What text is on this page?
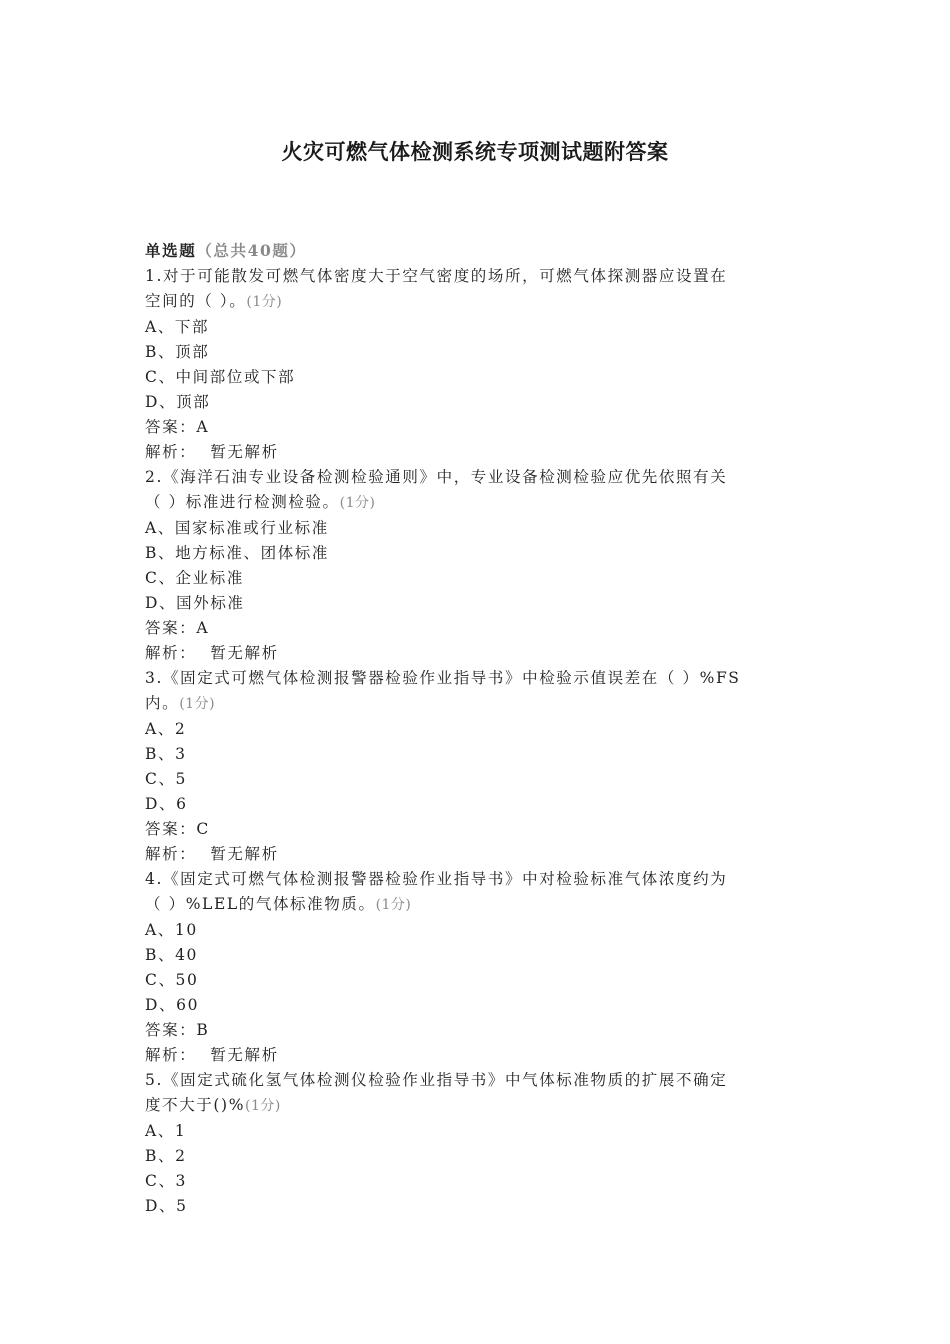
火灾可燃气体检测系统专项测试题附答案
单选题（总共40题）
1.对于可能散发可燃气体密度大于空气密度的场所，可燃气体探测器应设置在
空间的（ ）。(1分)
A、下部
B、顶部
C、中间部位或下部
D、顶部
答案：A
解析： 暂无解析
2.《海洋石油专业设备检测检验通则》中，专业设备检测检验应优先依照有关
（ ）标准进行检测检验。(1分)
A、国家标准或行业标准
B、地方标准、团体标准
C、企业标准
D、国外标准
答案：A
解析： 暂无解析
3.《固定式可燃气体检测报警器检验作业指导书》中检验示值误差在（ ）%FS
内。(1分)
A、2
B、3
C、5
D、6
答案：C
解析： 暂无解析
4.《固定式可燃气体检测报警器检验作业指导书》中对检验标准气体浓度约为
（ ）%LEL的气体标准物质。(1分)
A、10
B、40
C、50
D、60
答案：B
解析： 暂无解析
5.《固定式硫化氢气体检测仪检验作业指导书》中气体标准物质的扩展不确定
度不大于()%(1分)
A、1
B、2
C、3
D、5
